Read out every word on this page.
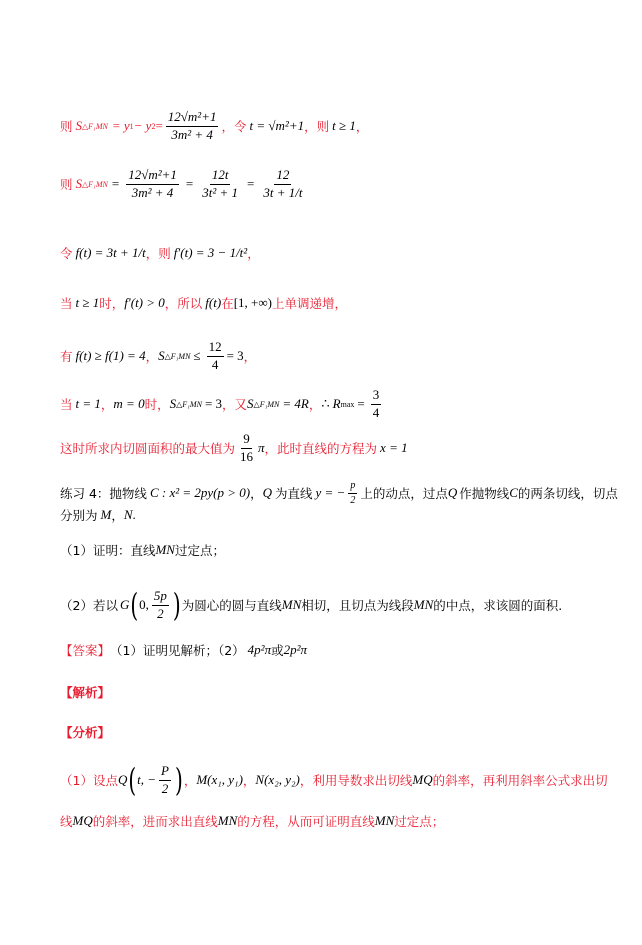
则 S △F₁MN = y 1 − y $2 = \frac{\text{12√m²+1}}{\text{3m² + 4}}$ ， 令 t = √m²+1 ， 则 t ≥ 1 ，
则 S △F₁MN = $\frac{\text{12√m²+1}}{\text{3m² + 4}} = \frac{12t}{\text{3t² + 1}} = \frac{12}{3t + 1/t}$
令 f(t) = 3t + 1/t ，则 f′(t) = 3 − 1/t² ，
当 t ≥ 1 时， f′(t) > 0 ，所以 f(t) 在 [1, +∞) 上单调递增，
有 f(t) ≥ f(1) = 4 ， S △F₁MN ≤ $\frac{12}{4} = 3$ ，
当 t = 1 ， m = 0 时， S △F₁MN = 3 ，又 S △F₁MN = 4R ， ∴ R $\max = \frac{3}{4}$
这时所求内切圆面积的最大值为 $\frac{9}{16}$ π ，此时直线的方程为 x = 1
练习 4：抛物线 C : x² = 2py(p > 0) ， Q 为直线 y = − $\frac{p}{2}$ 上的动点，过点 Q 作抛物线 C 的两条切线，切点
分别为 M ， N .
（1）证明：直线 MN 过定点；
（2）若以 G ( 0, $\frac{5p}{2}$ ) 为圆心的圆与直线 MN 相切，且切点为线段 MN 的中点，求该圆的面积.
【答案】 （1）证明见解析；（2） 4p²π 或 2p²π
【解析】
【分析】
（1）设点 Q ( t, − $\frac{P}{2}$ ) ， M(x₁, y₁) ， N(x₂, y₂) ，利用导数求出切线 MQ 的斜率，再利用斜率公式求出切
线 MQ 的斜率，进而求出直线 MN 的方程，从而可证明直线 MN 过定点；
